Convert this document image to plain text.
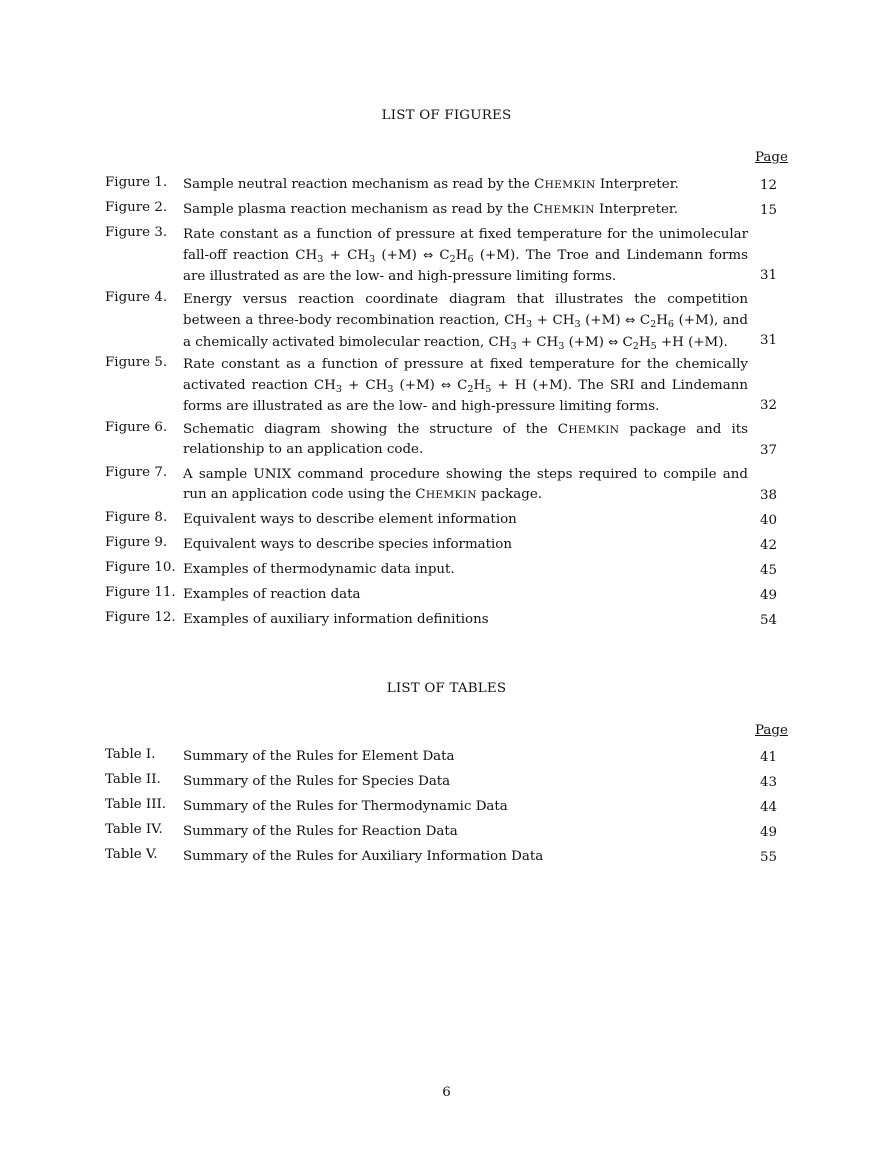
LIST OF FIGURES
Page
Figure 1. Sample neutral reaction mechanism as read by the CHEMKIN Interpreter.	12
Figure 2. Sample plasma reaction mechanism as read by the CHEMKIN Interpreter.	15
Figure 3. Rate constant as a function of pressure at fixed temperature for the unimolecular fall-off reaction $CH_3 + CH_3$ (+M) ⇔ $C_2H_6$ (+M). The Troe and Lindemann forms are illustrated as are the low- and high-pressure limiting forms.	31
Figure 4. Energy versus reaction coordinate diagram that illustrates the competition between a three-body recombination reaction, $CH_3 + CH_3$ (+M) ⇔ $C_2H_6$ (+M), and a chemically activated bimolecular reaction, $CH_3 + CH_3$ (+M) ⇔ $C_2H_5 +H$ (+M).	31
Figure 5. Rate constant as a function of pressure at fixed temperature for the chemically activated reaction $CH_3 + CH_3$ (+M) ⇔ $C_2H_5 + H$ (+M). The SRI and Lindemann forms are illustrated as are the low- and high-pressure limiting forms.	32
Figure 6. Schematic diagram showing the structure of the CHEMKIN package and its relationship to an application code.	37
Figure 7. A sample UNIX command procedure showing the steps required to compile and run an application code using the CHEMKIN package.	38
Figure 8. Equivalent ways to describe element information	40
Figure 9. Equivalent ways to describe species information	42
Figure 10. Examples of thermodynamic data input.	45
Figure 11. Examples of reaction data	49
Figure 12. Examples of auxiliary information definitions	54
LIST OF TABLES
Page
Table I. Summary of the Rules for Element Data	41
Table II. Summary of the Rules for Species Data	43
Table III. Summary of the Rules for Thermodynamic Data	44
Table IV. Summary of the Rules for Reaction Data	49
Table V. Summary of the Rules for Auxiliary Information Data	55
6
